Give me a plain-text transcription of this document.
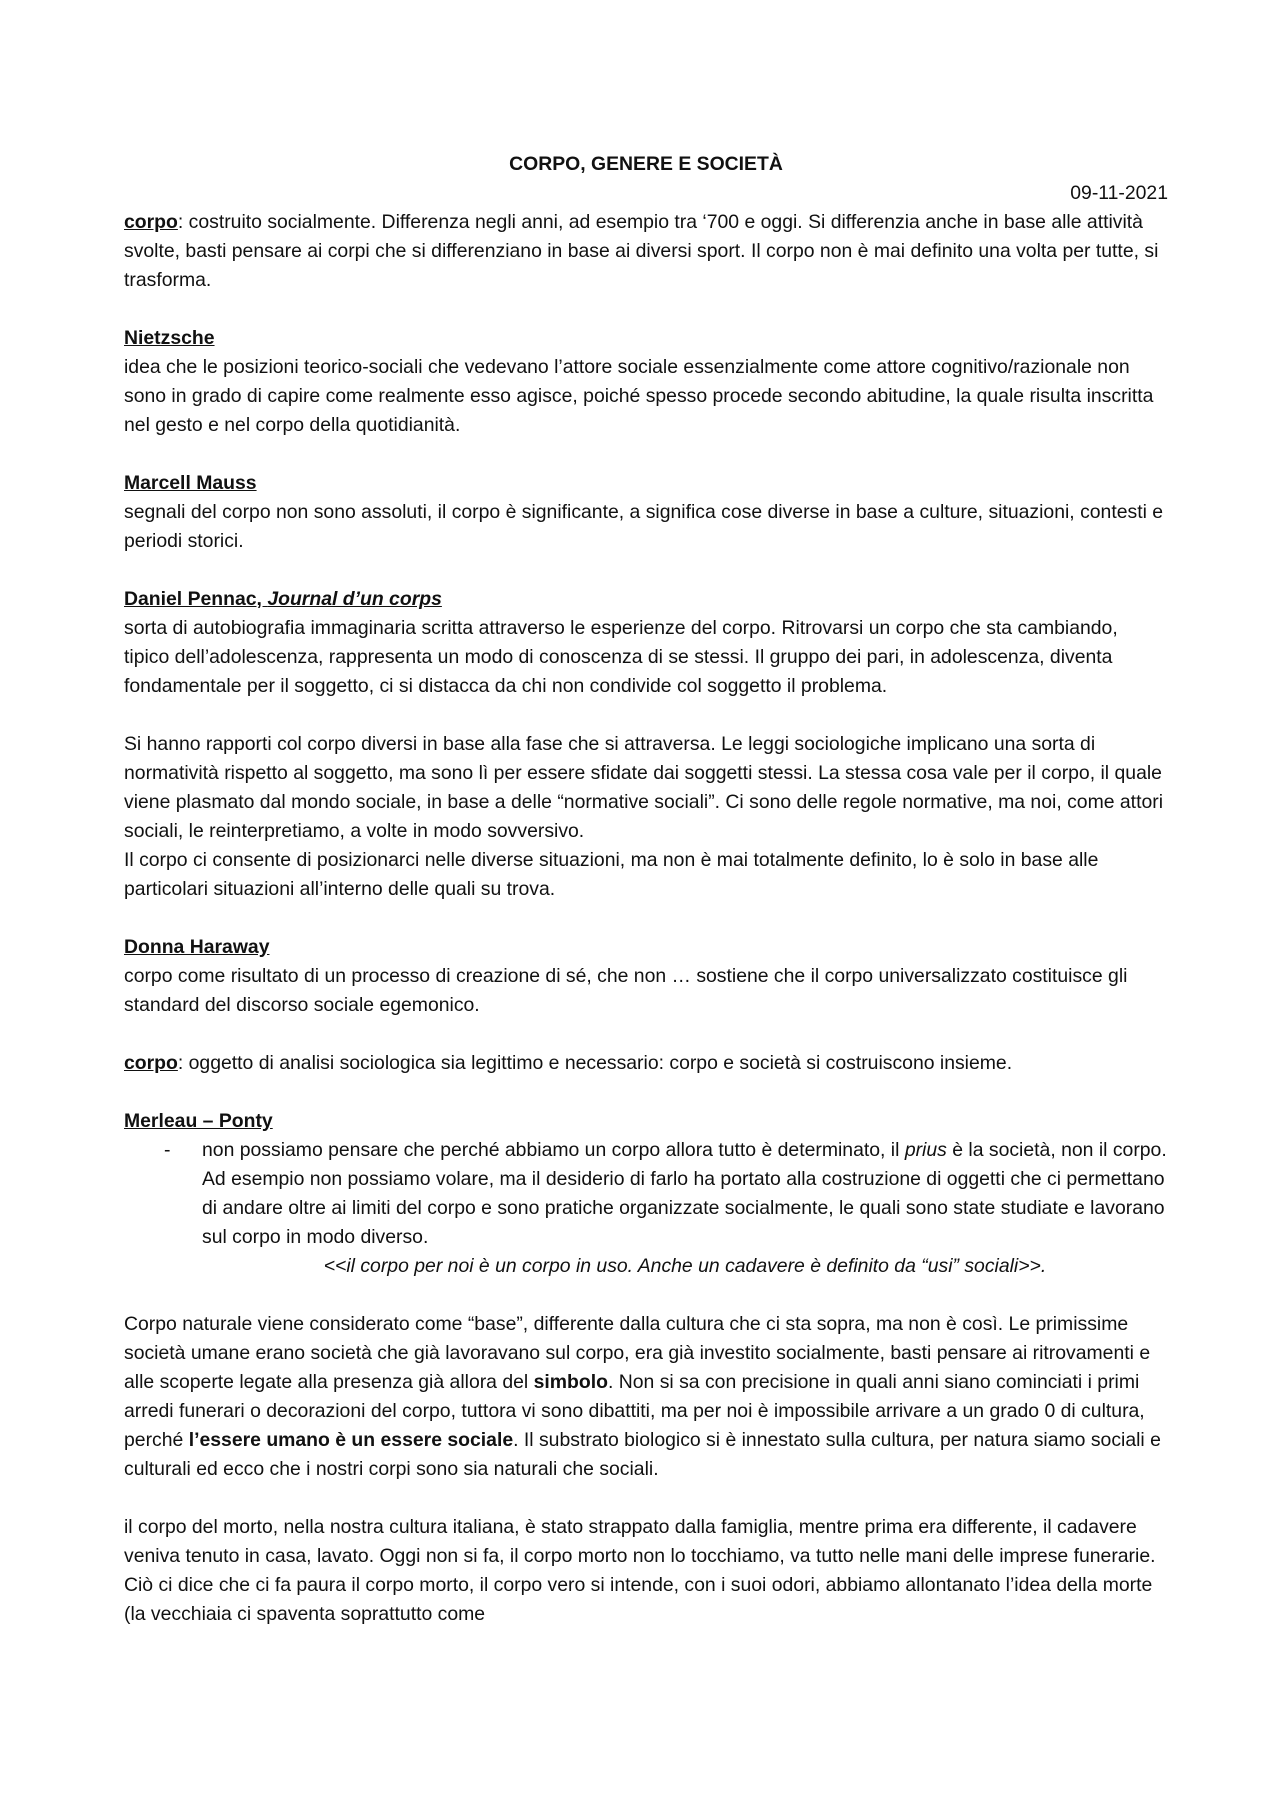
CORPO, GENERE E SOCIETÀ

09-11-2021

corpo: costruito socialmente. Differenza negli anni, ad esempio tra ‘700 e oggi. Si differenzia anche in base alle attività svolte, basti pensare ai corpi che si differenziano in base ai diversi sport. Il corpo non è mai definito una volta per tutte, si trasforma.

Nietzsche

idea che le posizioni teorico-sociali che vedevano l’attore sociale essenzialmente come attore cognitivo/razionale non sono in grado di capire come realmente esso agisce, poiché spesso procede secondo abitudine, la quale risulta inscritta nel gesto e nel corpo della quotidianità.

Marcell Mauss

segnali del corpo non sono assoluti, il corpo è significante, a significa cose diverse in base a culture, situazioni, contesti e periodi storici.

Daniel Pennac, Journal d’un corps

sorta di autobiografia immaginaria scritta attraverso le esperienze del corpo. Ritrovarsi un corpo che sta cambiando, tipico dell’adolescenza, rappresenta un modo di conoscenza di se stessi. Il gruppo dei pari, in adolescenza, diventa fondamentale per il soggetto, ci si distacca da chi non condivide col soggetto il problema.

Si hanno rapporti col corpo diversi in base alla fase che si attraversa. Le leggi sociologiche implicano una sorta di normatività rispetto al soggetto, ma sono lì per essere sfidate dai soggetti stessi. La stessa cosa vale per il corpo, il quale viene plasmato dal mondo sociale, in base a delle “normative sociali”. Ci sono delle regole normative, ma noi, come attori sociali, le reinterpretiamo, a volte in modo sovversivo.

Il corpo ci consente di posizionarci nelle diverse situazioni, ma non è mai totalmente definito, lo è solo in base alle particolari situazioni all’interno delle quali su trova.

Donna Haraway

corpo come risultato di un processo di creazione di sé, che non … sostiene che il corpo universalizzato costituisce gli standard del discorso sociale egemonico.

corpo: oggetto di analisi sociologica sia legittimo e necessario: corpo e società si costruiscono insieme.

Merleau – Ponty

-	non possiamo pensare che perché abbiamo un corpo allora tutto è determinato, il prius è la società, non il corpo. Ad esempio non possiamo volare, ma il desiderio di farlo ha portato alla costruzione di oggetti che ci permettano di andare oltre ai limiti del corpo e sono pratiche organizzate socialmente, le quali sono state studiate e lavorano sul corpo in modo diverso.

<<il corpo per noi è un corpo in uso. Anche un cadavere è definito da “usi” sociali>>.

Corpo naturale viene considerato come “base”, differente dalla cultura che ci sta sopra, ma non è così. Le primissime società umane erano società che già lavoravano sul corpo, era già investito socialmente, basti pensare ai ritrovamenti e alle scoperte legate alla presenza già allora del simbolo. Non si sa con precisione in quali anni siano cominciati i primi arredi funerari o decorazioni del corpo, tuttora vi sono dibattiti, ma per noi è impossibile arrivare a un grado 0 di cultura, perché l’essere umano è un essere sociale. Il substrato biologico si è innestato sulla cultura, per natura siamo sociali e culturali ed ecco che i nostri corpi sono sia naturali che sociali.

il corpo del morto, nella nostra cultura italiana, è stato strappato dalla famiglia, mentre prima era differente, il cadavere veniva tenuto in casa, lavato. Oggi non si fa, il corpo morto non lo tocchiamo, va tutto nelle mani delle imprese funerarie. Ciò ci dice che ci fa paura il corpo morto, il corpo vero si intende, con i suoi odori, abbiamo allontanato l’idea della morte (la vecchiaia ci spaventa soprattutto come
